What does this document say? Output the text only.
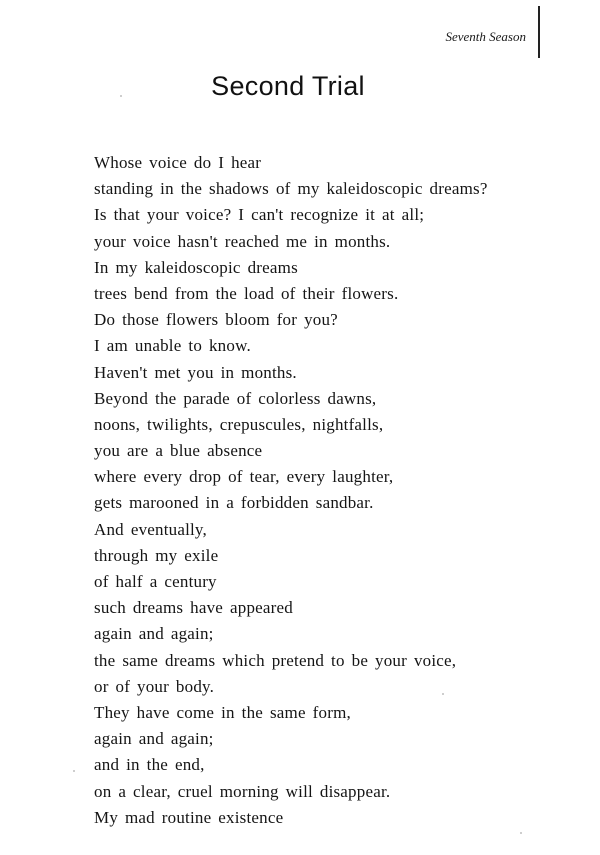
Seventh Season
Second Trial
Whose voice do I hear
standing in the shadows of my kaleidoscopic dreams?
Is that your voice? I can't recognize it at all;
your voice hasn't reached me in months.
In my kaleidoscopic dreams
trees bend from the load of their flowers.
Do those flowers bloom for you?
I am unable to know.
Haven't met you in months.
Beyond the parade of colorless dawns,
noons, twilights, crepuscules, nightfalls,
you are a blue absence
where every drop of tear, every laughter,
gets marooned in a forbidden sandbar.
And eventually,
through my exile
of half a century
such dreams have appeared
again and again;
the same dreams which pretend to be your voice,
or of your body.
They have come in the same form,
again and again;
and in the end,
on a clear, cruel morning will disappear.
My mad routine existence
